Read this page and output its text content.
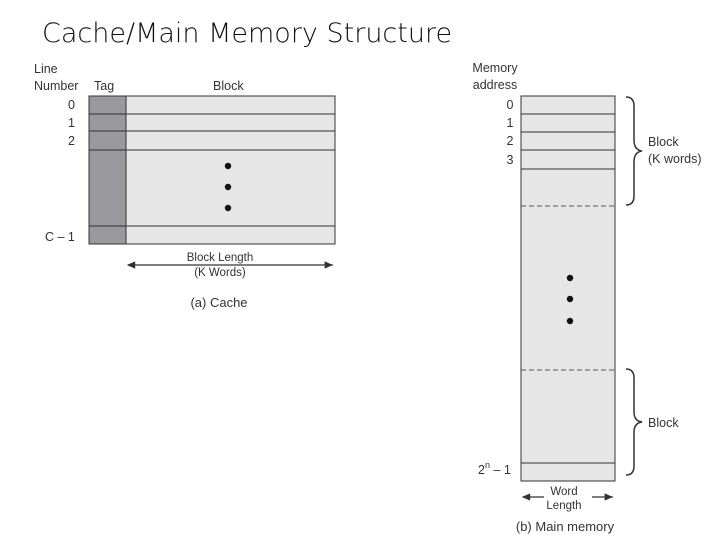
Cache/Main Memory Structure
Line
Number Tag	Block
0
1
2
C – 1
Block Length
(K Words)
(a) Cache
Memory
address
0
1
2
3
2$^n$ – 1
Block
(K words)
Block
Word
Length
(b) Main memory
